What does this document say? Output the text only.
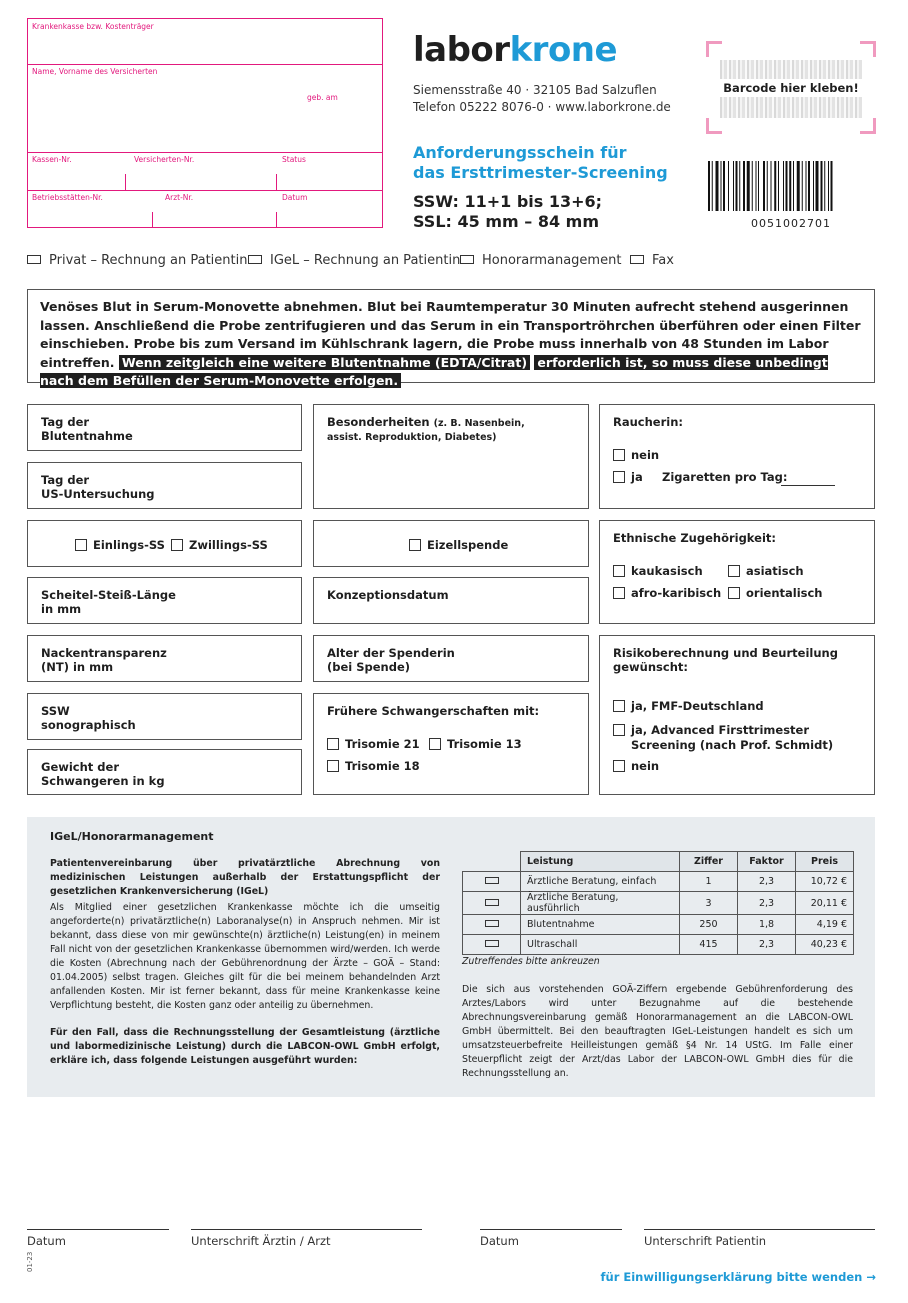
Krankenkasse bzw. Kostenträger
Name, Vorname des Versicherten
geb. am
Kassen-Nr.	Versicherten-Nr.	Status
Betriebsstätten-Nr.	Arzt-Nr.	Datum
laborkrone
Siemensstraße 40 · 32105 Bad Salzuflen
Telefon 05222 8076-0 · www.laborkrone.de
Anforderungsschein für
das Ersttrimester-Screening
SSW: 11+1 bis 13+6;
SSL: 45 mm – 84 mm
Barcode hier kleben!
0051002701
Privat – Rechnung an Patientin	IGeL – Rechnung an Patientin	Honorarmanagement	Fax
Venöses Blut in Serum-Monovette abnehmen. Blut bei Raumtemperatur 30 Minuten aufrecht stehend ausgerinnen lassen. Anschließend die Probe zentrifugieren und das Serum in ein Transportröhrchen überführen oder einen Filter einschieben. Probe bis zum Versand im Kühlschrank lagern, die Probe muss innerhalb von 48 Stunden im Labor eintreffen. Wenn zeitgleich eine weitere Blutentnahme (EDTA/Citrat) erforderlich ist, so muss diese unbedingt nach dem Befüllen der Serum-Monovette erfolgen.
Tag der
Blutentnahme
Tag der
US-Untersuchung
Einlings-SS	Zwillings-SS
Scheitel-Steiß-Länge
in mm
Nackentransparenz
(NT) in mm
SSW
sonographisch
Gewicht der
Schwangeren in kg
Besonderheiten (z. B. Nasenbein,
assist. Reproduktion, Diabetes)
Eizellspende
Konzeptionsdatum
Alter der Spenderin
(bei Spende)
Frühere Schwangerschaften mit:
Trisomie 21	Trisomie 13
Trisomie 18
Raucherin:
nein
ja Zigaretten pro Tag:
Ethnische Zugehörigkeit:
kaukasisch	asiatisch
afro-karibisch	orientalisch
Risikoberechnung und Beurteilung gewünscht:
ja, FMF-Deutschland
ja, Advanced Firsttrimester
Screening (nach Prof. Schmidt)
nein
IGeL/Honorarmanagement
Patientenvereinbarung über privatärztliche Abrechnung von medizinischen Leistungen außerhalb der Erstattungspflicht der gesetzlichen Krankenversicherung (IGeL)
Als Mitglied einer gesetzlichen Krankenkasse möchte ich die umseitig angeforderte(n) privatärztliche(n) Laboranalyse(n) in Anspruch nehmen. Mir ist bekannt, dass diese von mir gewünschte(n) ärztliche(n) Leistung(en) in meinem Fall nicht von der gesetzlichen Krankenkasse übernommen wird/werden. Ich werde die Kosten (Abrechnung nach der Gebührenordnung der Ärzte – GOÄ – Stand: 01.04.2005) selbst tragen. Gleiches gilt für die bei meinem behandelnden Arzt anfallenden Kosten. Mir ist ferner bekannt, dass für meine Krankenkasse keine Verpflichtung besteht, die Kosten ganz oder anteilig zu übernehmen.
Für den Fall, dass die Rechnungsstellung der Gesamtleistung (ärztliche und labormedizinische Leistung) durch die LABCON-OWL GmbH erfolgt, erkläre ich, dass folgende Leistungen ausgeführt wurden:
	Leistung	Ziffer	Faktor	Preis
	Ärztliche Beratung, einfach	1	2,3	10,72 €
	Ärztliche Beratung, ausführlich	3	2,3	20,11 €
	Blutentnahme	250	1,8	4,19 €
	Ultraschall	415	2,3	40,23 €
Zutreffendes bitte ankreuzen
Die sich aus vorstehenden GOÄ-Ziffern ergebende Gebührenforderung des Arztes/Labors wird unter Bezugnahme auf die bestehende Abrechnungsvereinbarung gemäß Honorarmanagement an die LABCON-OWL GmbH übermittelt. Bei den beauftragten IGeL-Leistungen handelt es sich um umsatzsteuerbefreite Heilleistungen gemäß §4 Nr. 14 UStG. Im Falle einer Steuerpflicht zeigt der Arzt/das Labor der LABCON-OWL GmbH dies für die Rechnungsstellung an.
Datum	Unterschrift Ärztin / Arzt	Datum	Unterschrift Patientin
01-23
für Einwilligungserklärung bitte wenden →
